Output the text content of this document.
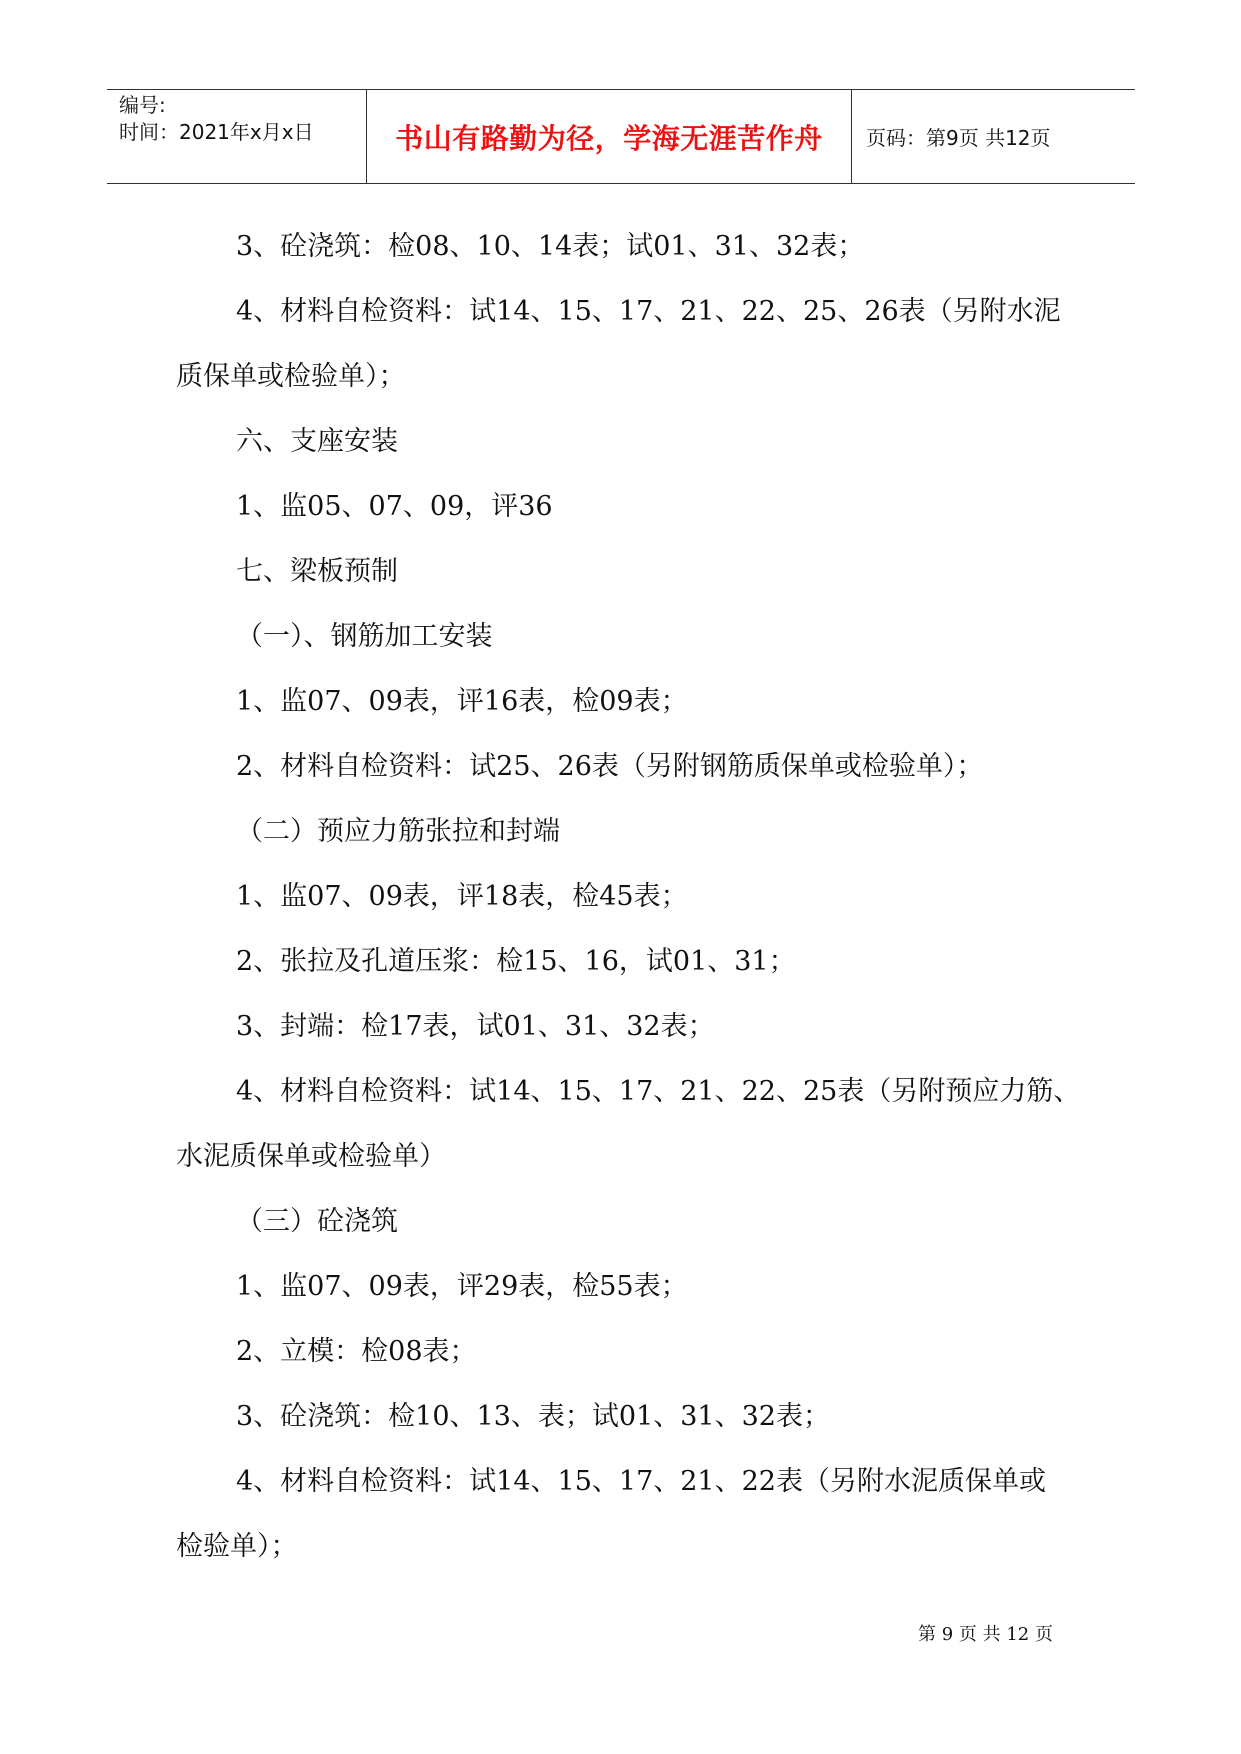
编号:
时间：2021年x月x日	书山有路勤为径，学海无涯苦作舟	页码：第9页 共12页
3、砼浇筑：检08、10、14表；试01、31、32表；
4、材料自检资料：试14、15、17、21、22、25、26表（另附水泥
质保单或检验单）；
六、支座安装
1、监05、07、09，评36
七、梁板预制
（一）、钢筋加工安装
1、监07、09表，评16表，检09表；
2、材料自检资料：试25、26表（另附钢筋质保单或检验单）；
（二）预应力筋张拉和封端
1、监07、09表，评18表，检45表；
2、张拉及孔道压浆：检15、16，试01、31；
3、封端：检17表，试01、31、32表；
4、材料自检资料：试14、15、17、21、22、25表（另附预应力筋、
水泥质保单或检验单）
（三）砼浇筑
1、监07、09表，评29表，检55表；
2、立模：检08表；
3、砼浇筑：检10、13、表；试01、31、32表；
4、材料自检资料：试14、15、17、21、22表（另附水泥质保单或
检验单）；
第 9 页 共 12 页
